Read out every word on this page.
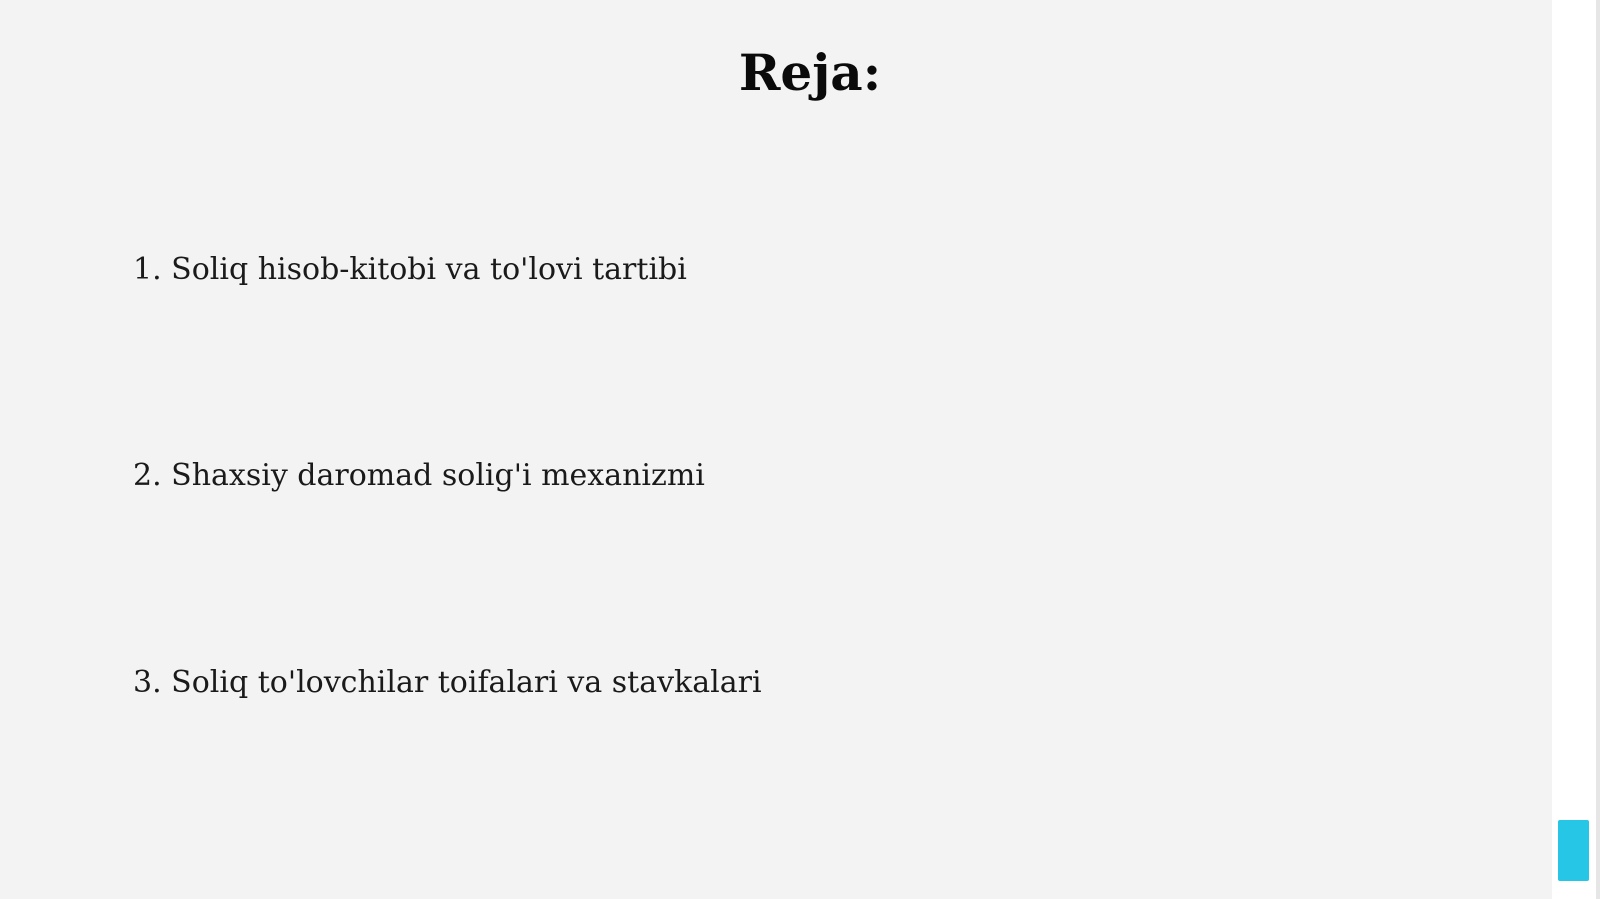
Reja:
1. Soliq hisob-kitobi va to'lovi tartibi
2. Shaxsiy daromad solig'i mexanizmi
3. Soliq to'lovchilar toifalari va stavkalari
